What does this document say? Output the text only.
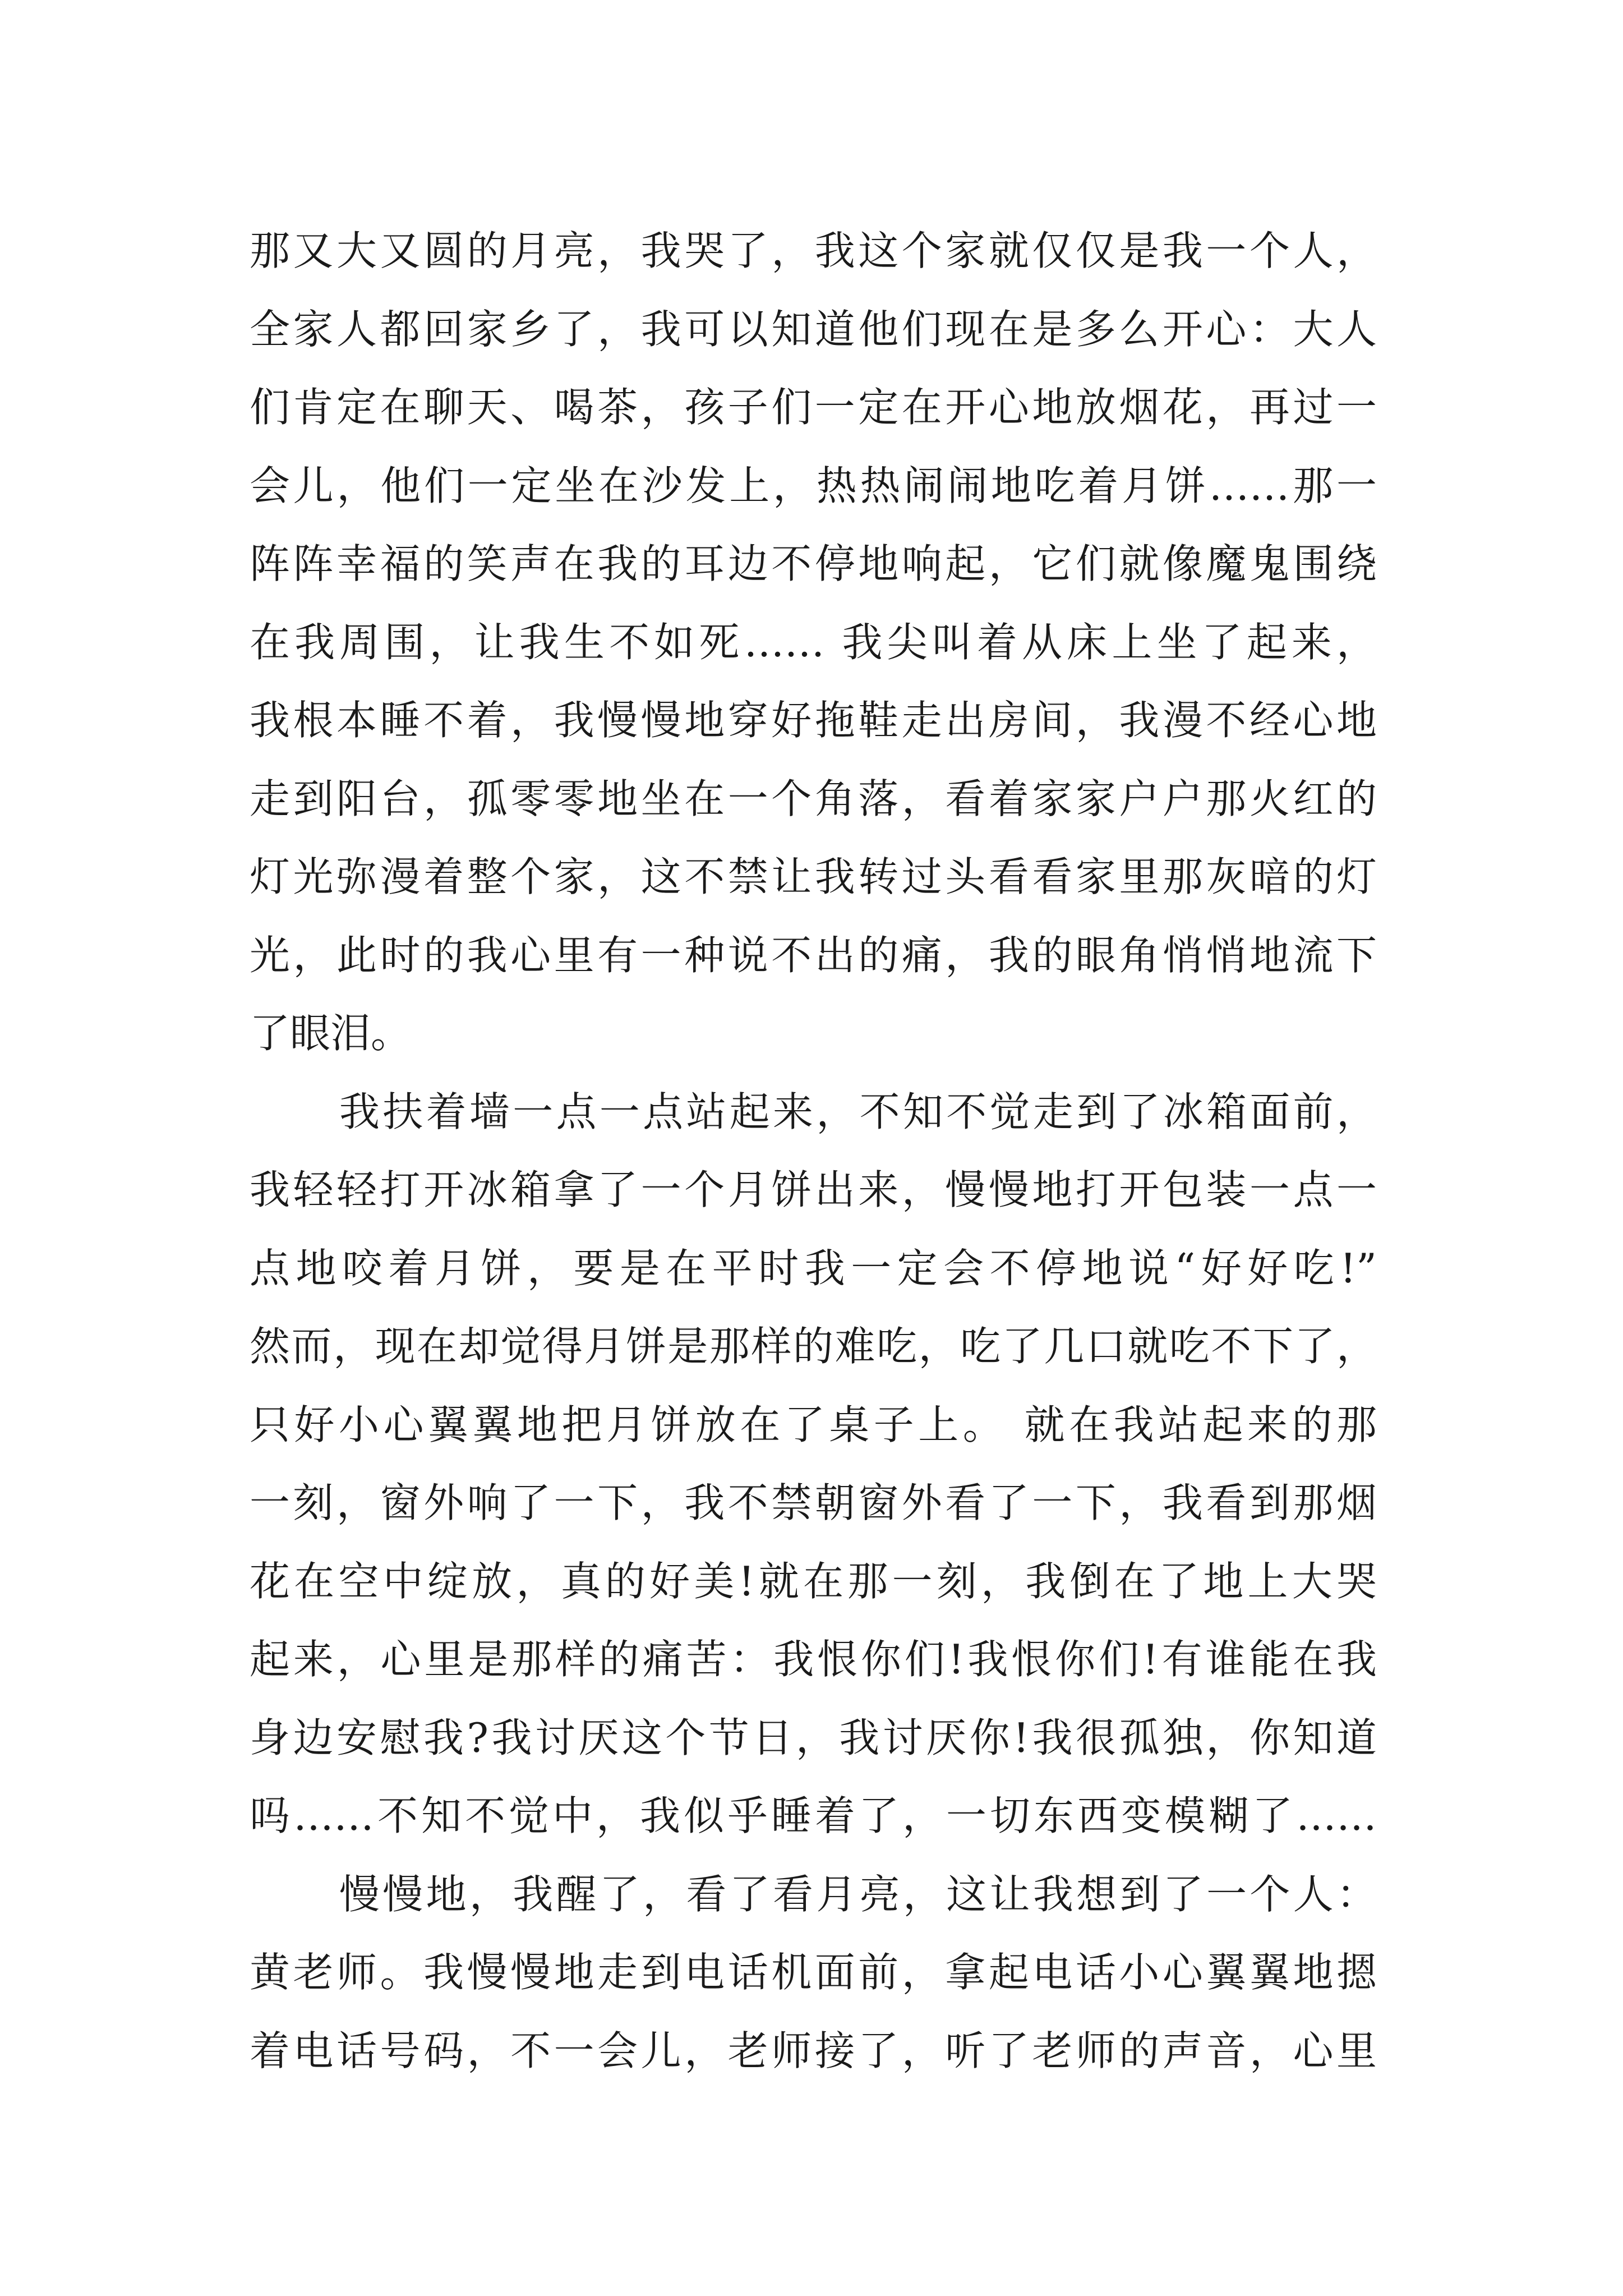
那又大又圆的月亮，我哭了，我这个家就仅仅是我一个人，
全家人都回家乡了，我可以知道他们现在是多么开心：大人
们肯定在聊天、喝茶，孩子们一定在开心地放烟花，再过一
会儿，他们一定坐在沙发上，热热闹闹地吃着月饼……那一
阵阵幸福的笑声在我的耳边不停地响起，它们就像魔鬼围绕
在我周围，让我生不如死…… 我尖叫着从床上坐了起来，
我根本睡不着，我慢慢地穿好拖鞋走出房间，我漫不经心地
走到阳台，孤零零地坐在一个角落，看着家家户户那火红的
灯光弥漫着整个家，这不禁让我转过头看看家里那灰暗的灯
光，此时的我心里有一种说不出的痛，我的眼角悄悄地流下
了眼泪。
我扶着墙一点一点站起来，不知不觉走到了冰箱面前，
我轻轻打开冰箱拿了一个月饼出来，慢慢地打开包装一点一
点地咬着月饼，要是在平时我一定会不停地说“好好吃!”
然而，现在却觉得月饼是那样的难吃，吃了几口就吃不下了，
只好小心翼翼地把月饼放在了桌子上。 就在我站起来的那
一刻，窗外响了一下，我不禁朝窗外看了一下，我看到那烟
花在空中绽放，真的好美!就在那一刻，我倒在了地上大哭
起来，心里是那样的痛苦：我恨你们!我恨你们!有谁能在我
身边安慰我?我讨厌这个节日，我讨厌你!我很孤独，你知道
吗……不知不觉中，我似乎睡着了，一切东西变模糊了……
慢慢地，我醒了，看了看月亮，这让我想到了一个人：
黄老师。我慢慢地走到电话机面前，拿起电话小心翼翼地摁
着电话号码，不一会儿，老师接了，听了老师的声音，心里
